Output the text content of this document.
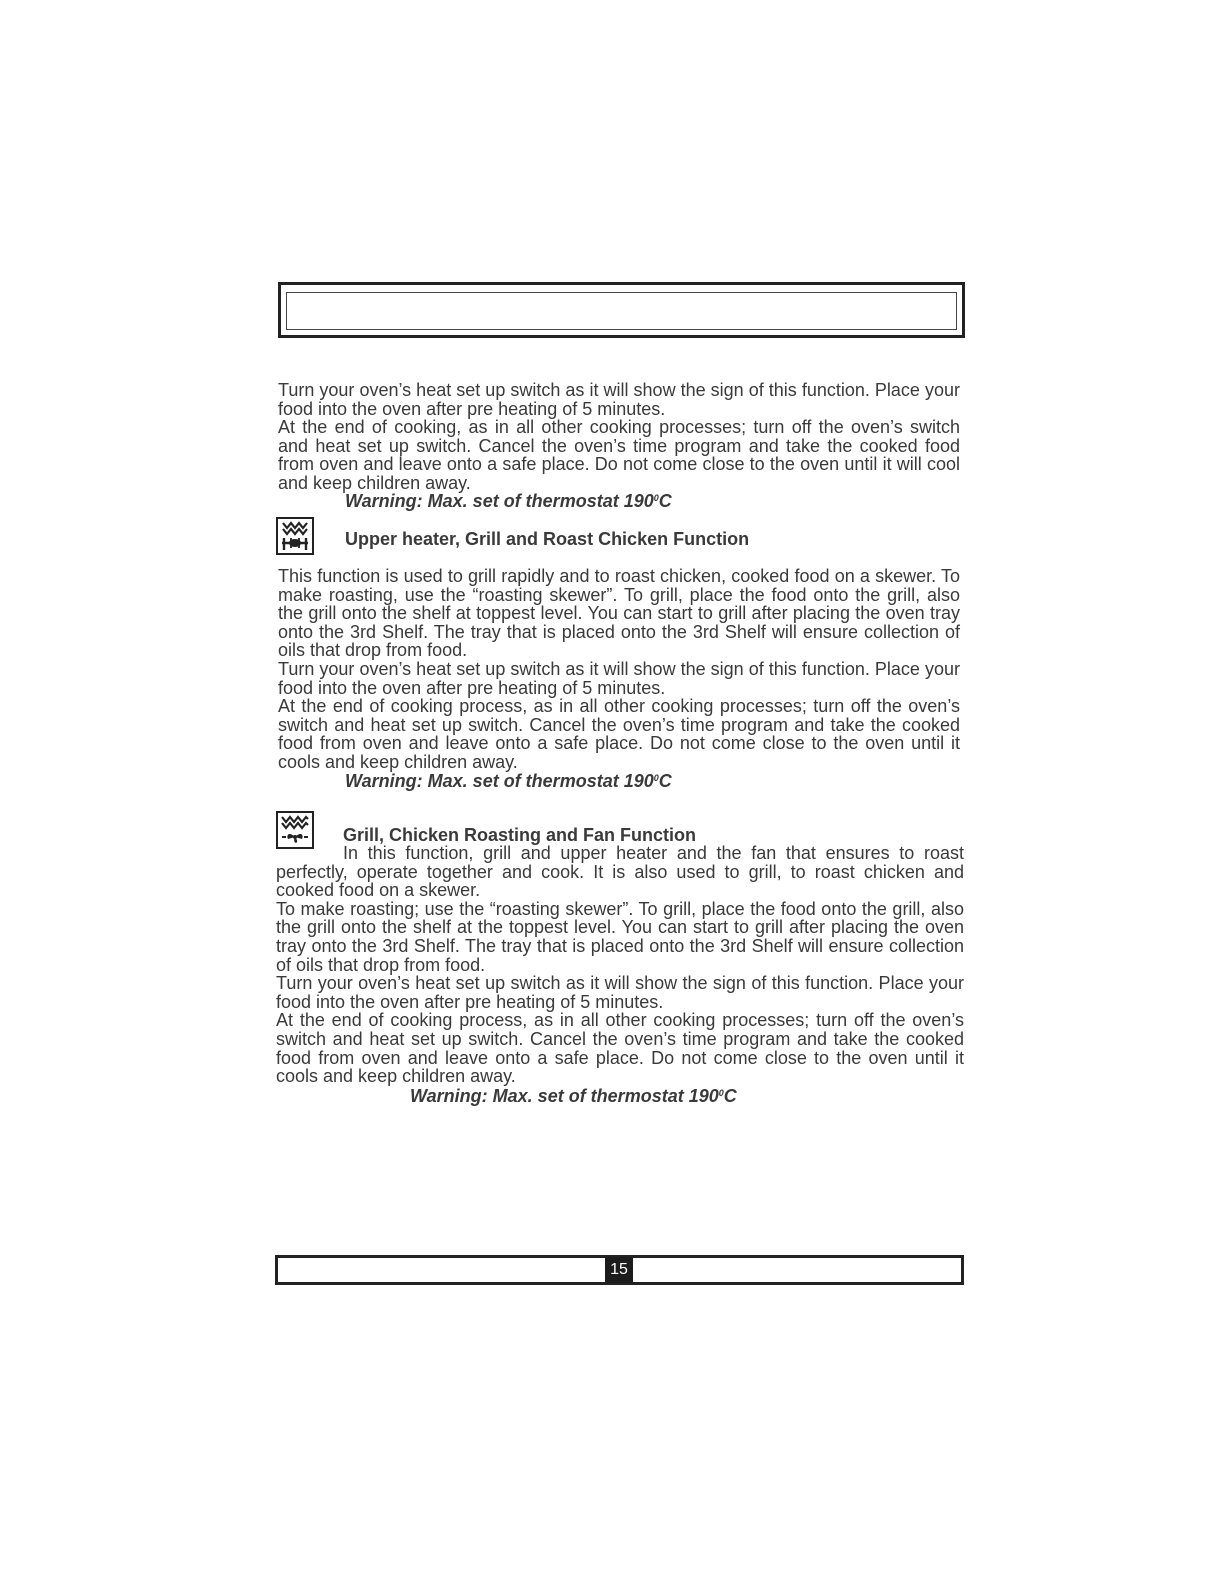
Turn your oven’s heat set up switch as it will show the sign of this function. Place your food into the oven after pre heating of 5 minutes.

At the end of cooking, as in all other cooking processes; turn off the oven’s switch and heat set up switch. Cancel the oven’s time program and take the cooked food from oven and leave onto a safe place. Do not come close to the oven until it will cool and keep children away.

Warning: Max. set of thermostat $190^0C$
Upper heater, Grill and Roast Chicken Function

This function is used to grill rapidly and to roast chicken, cooked food on a skewer. To make roasting, use the “roasting skewer”. To grill, place the food onto the grill, also the grill onto the shelf at toppest level. You can start to grill after placing the oven tray onto the 3rd Shelf. The tray that is placed onto the 3rd Shelf will ensure collection of oils that drop from food.

Turn your oven’s heat set up switch as it will show the sign of this function. Place your food into the oven after pre heating of 5 minutes.

At the end of cooking process, as in all other cooking processes; turn off the oven’s switch and heat set up switch. Cancel the oven’s time program and take the cooked food from oven and leave onto a safe place. Do not come close to the oven until it cools and keep children away.

Warning: Max. set of thermostat $190^0C$
Grill, Chicken Roasting and Fan Function

In this function, grill and upper heater and the fan that ensures to roast perfectly, operate together and cook. It is also used to grill, to roast chicken and cooked food on a skewer.

To make roasting; use the “roasting skewer”. To grill, place the food onto the grill, also the grill onto the shelf at the toppest level. You can start to grill after placing the oven tray onto the 3rd Shelf. The tray that is placed onto the 3rd Shelf will ensure collection of oils that drop from food.

Turn your oven’s heat set up switch as it will show the sign of this function. Place your food into the oven after pre heating of 5 minutes.

At the end of cooking process, as in all other cooking processes; turn off the oven’s switch and heat set up switch. Cancel the oven’s time program and take the cooked food from oven and leave onto a safe place. Do not come close to the oven until it cools and keep children away.

Warning: Max. set of thermostat $190^0C$
15
